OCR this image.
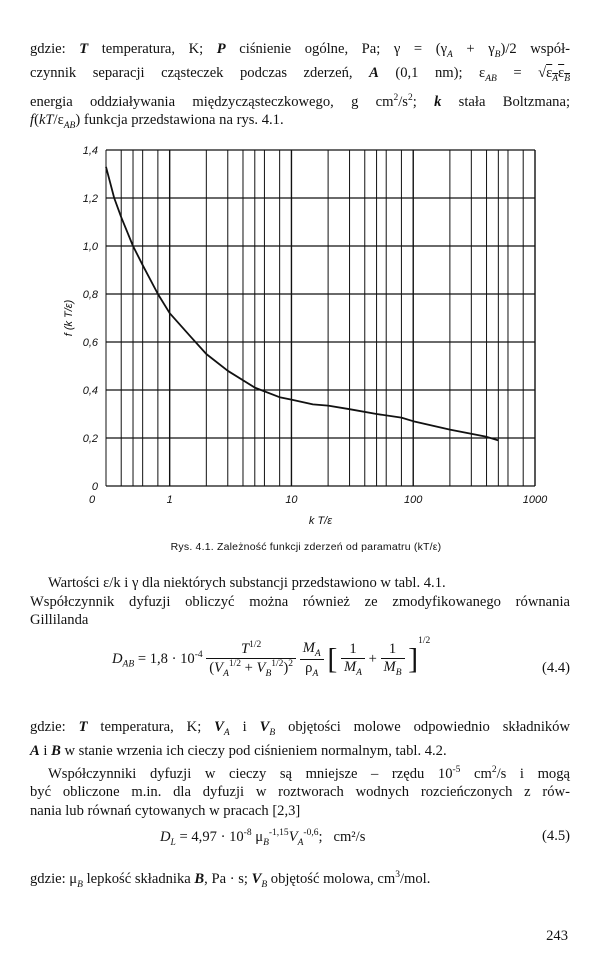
gdzie: T temperatura, K; P ciśnienie ogólne, Pa; $\gamma = (\gamma_A + \gamma_B)/2$ współ-
czynnik separacji cząsteczek podczas zderzeń, A (0,1 nm); $\varepsilon_{AB} = √\varepsilon_A\varepsilon_B$
energia oddziaływania międzycząsteczkowego, g $cm^2/s^2$; k stała Boltzmana;
$f(kT/\varepsilon_{AB})$ funkcja przedstawiona na rys. 4.1.
1,4
1,2
1,0
0,8
0,6
0,4
0,2
0
1	10	100	1000
0
f (k T/ε)
k T/ε
Rys. 4.1. Zależność funkcji zderzeń od paramatru (kT/ε)
Wartości ε/k i γ dla niektórych substancji przedstawiono w tabl. 4.1.
Współczynnik dyfuzji obliczyć można również ze zmodyfikowanego równania
Gillilanda
$D_{AB} = 1,8 \cdot 10^{-4} \frac{T^{1/2}}{(V_A^{1/2} + V_B^{1/2})^2}$
$\frac{M_A}{\rho_A}$ [ $\frac{1}{M_A} + \frac{1}{M_B} ]^{1/2}$
(4.4)
gdzie: T temperatura, K; $V_A$ i $V_B$ objętości molowe odpowiednio składników
A i B w stanie wrzenia ich cieczy pod ciśnieniem normalnym, tabl. 4.2.
Współczynniki dyfuzji w cieczy są mniejsze – rzędu $10^{-5}$ $cm^2/s$ i mogą
być obliczone m.in. dla dyfuzji w roztworach wodnych rozcieńczonych z rów-
nania lub równań cytowanych w pracach [2,3]
$D_L = 4,97 \cdot 10^{-8}$ $\mu_B^{-1,15}V_A^{-0,6}$;   cm²/s	(4.5)
gdzie: $\mu_B$ lepkość składnika B, Pa · s; $V_B$ objętość molowa, $cm^3$/mol.
243
